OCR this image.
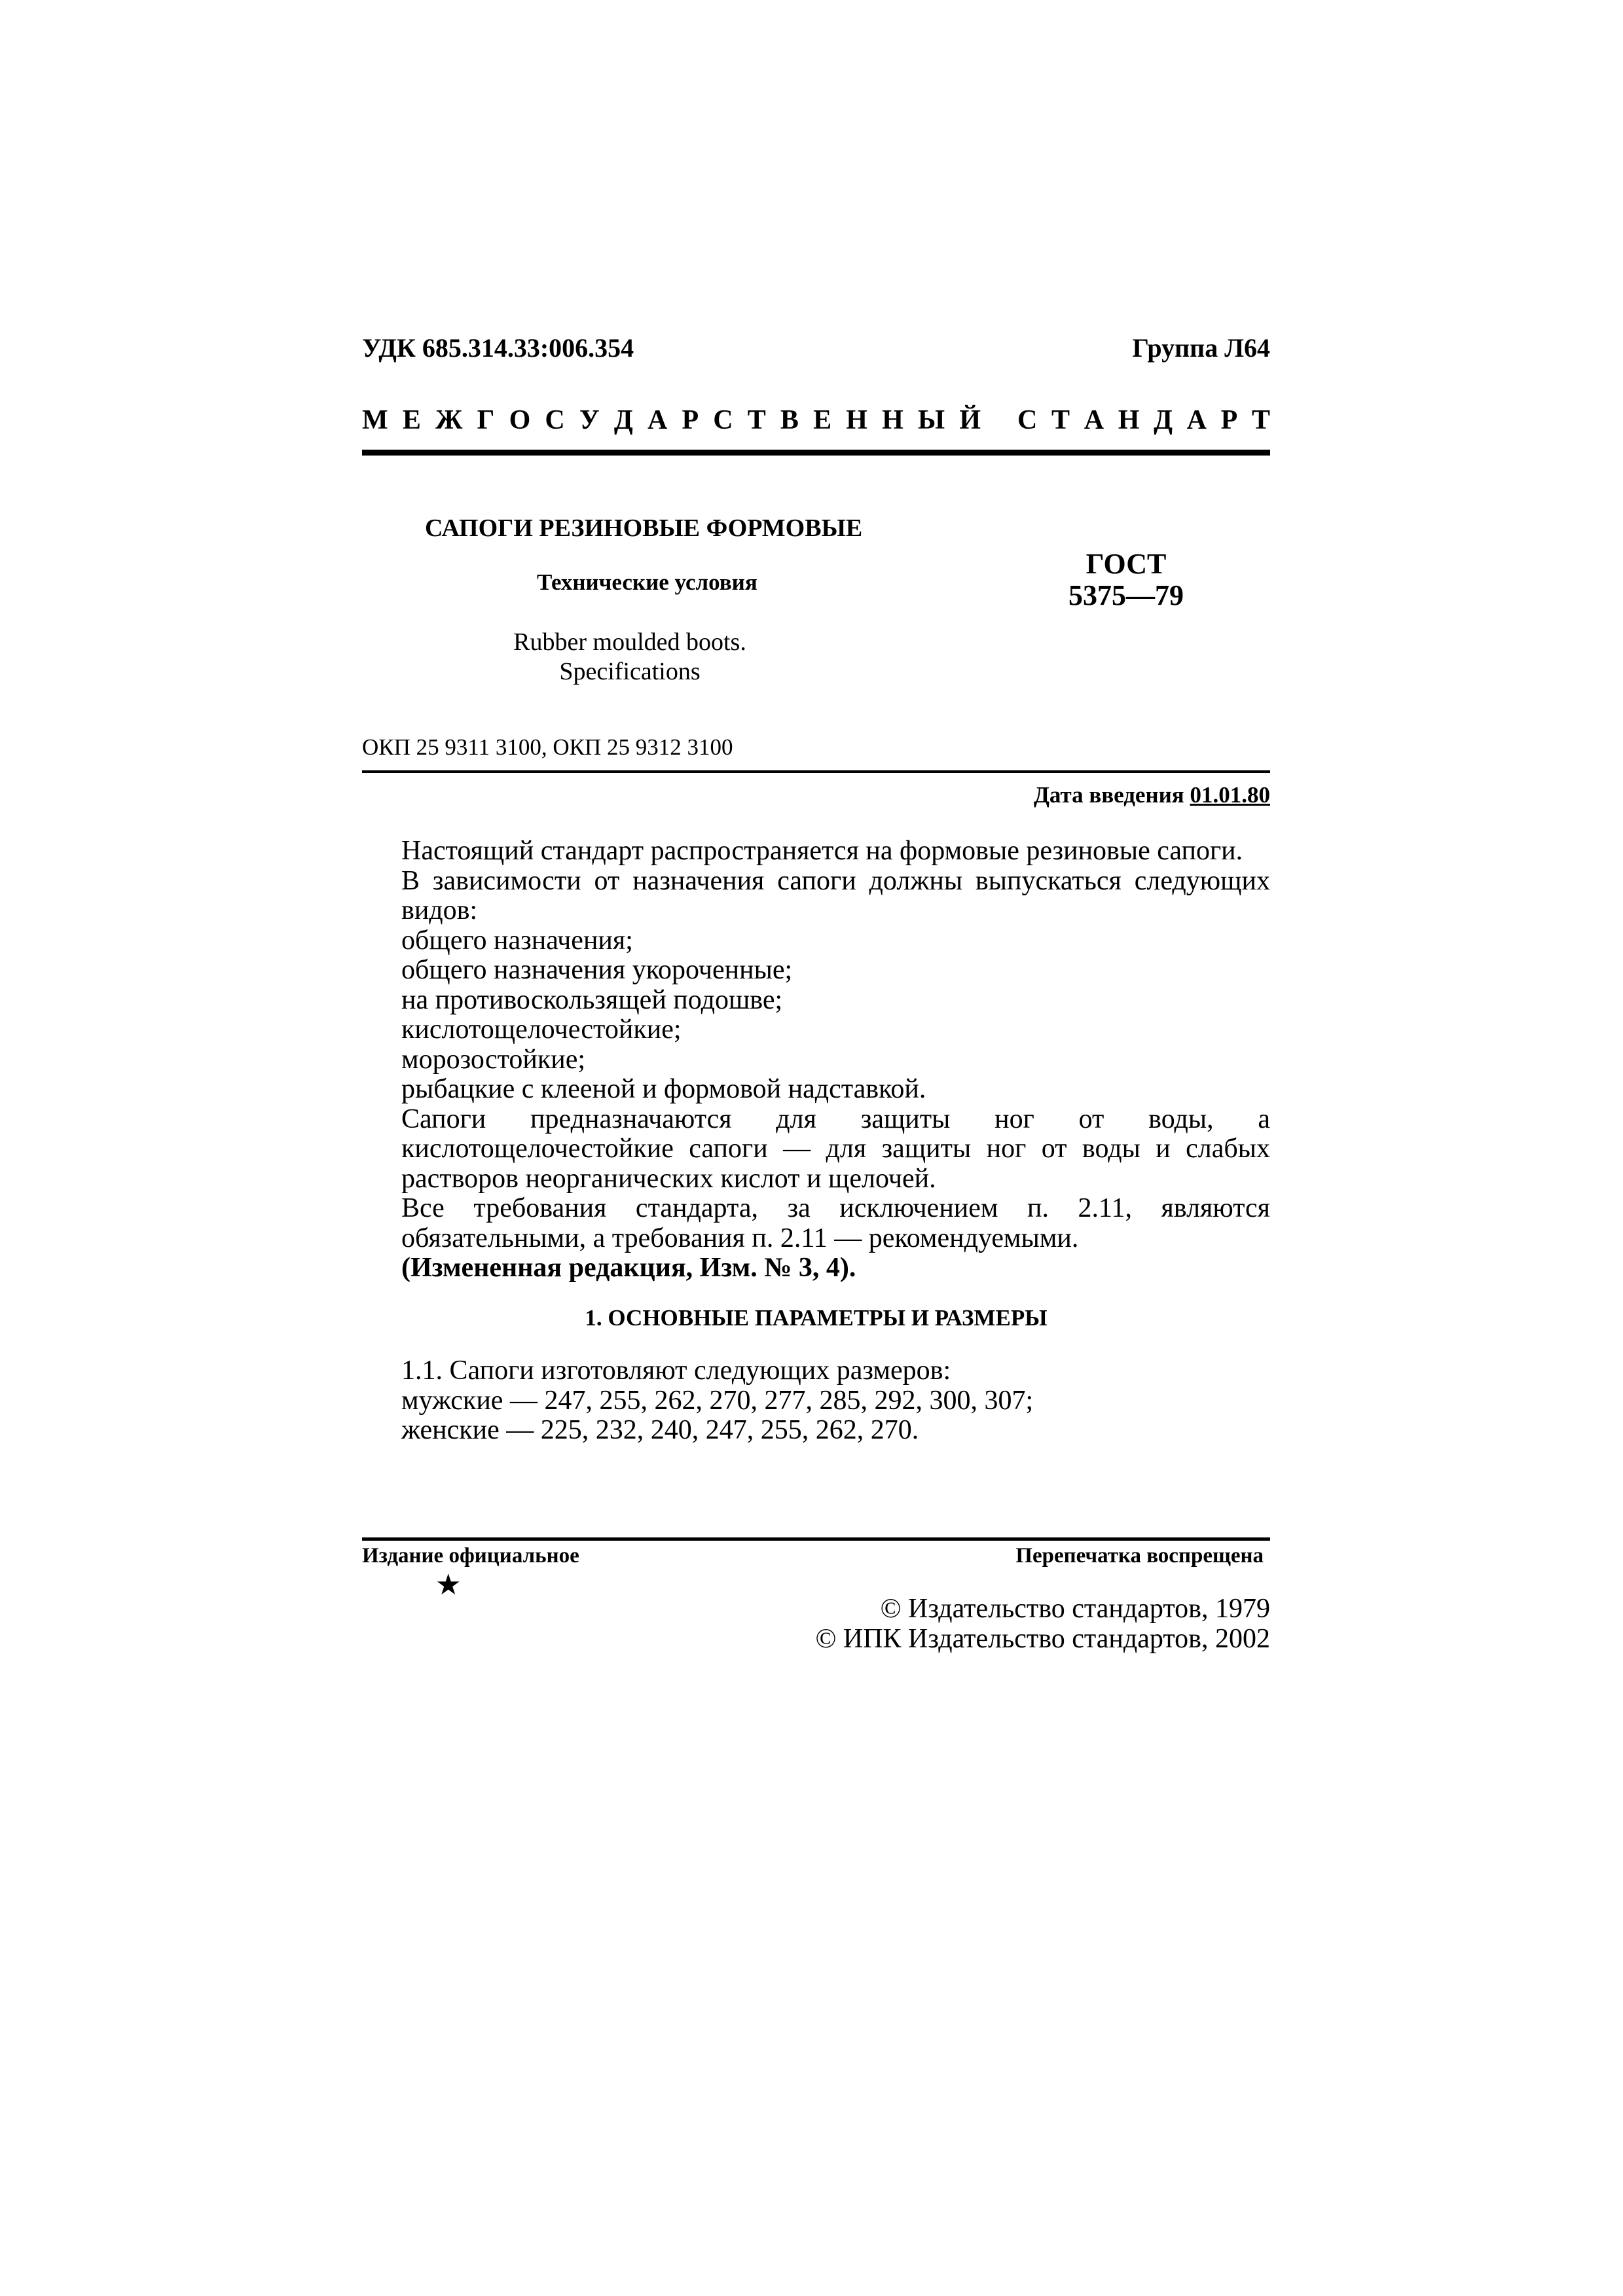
УДК 685.314.33:006.354	Группа Л64
М Е Ж Г О С У Д А Р С Т В Е Н Н Ы Й С Т А Н Д А Р Т
САПОГИ РЕЗИНОВЫЕ ФОРМОВЫЕ
Технические условия
Rubber moulded boots.
Specifications
ГОСТ
5375—79
ОКП 25 9311 3100, ОКП 25 9312 3100
Дата введения 01.01.80

Настоящий стандарт распространяется на формовые резиновые сапоги.

В зависимости от назначения сапоги должны выпускаться следующих видов:

общего назначения;

общего назначения укороченные;

на противоскользящей подошве;

кислотощелочестойкие;

морозостойкие;

рыбацкие с клееной и формовой надставкой.

Сапоги предназначаются для защиты ног от воды, а кислотощелочестойкие сапоги — для защиты ног от воды и слабых растворов неорганических кислот и щелочей.

Все требования стандарта, за исключением п. 2.11, являются обязательными, а требования п. 2.11 — рекомендуемыми.

(Измененная редакция, Изм. № 3, 4).

1. ОСНОВНЫЕ ПАРАМЕТРЫ И РАЗМЕРЫ

1.1. Сапоги изготовляют следующих размеров:

мужские — 247, 255, 262, 270, 277, 285, 292, 300, 307;

женские — 225, 232, 240, 247, 255, 262, 270.

Издание официальное	Перепечатка воспрещена
★
© Издательство стандартов, 1979
© ИПК Издательство стандартов, 2002
